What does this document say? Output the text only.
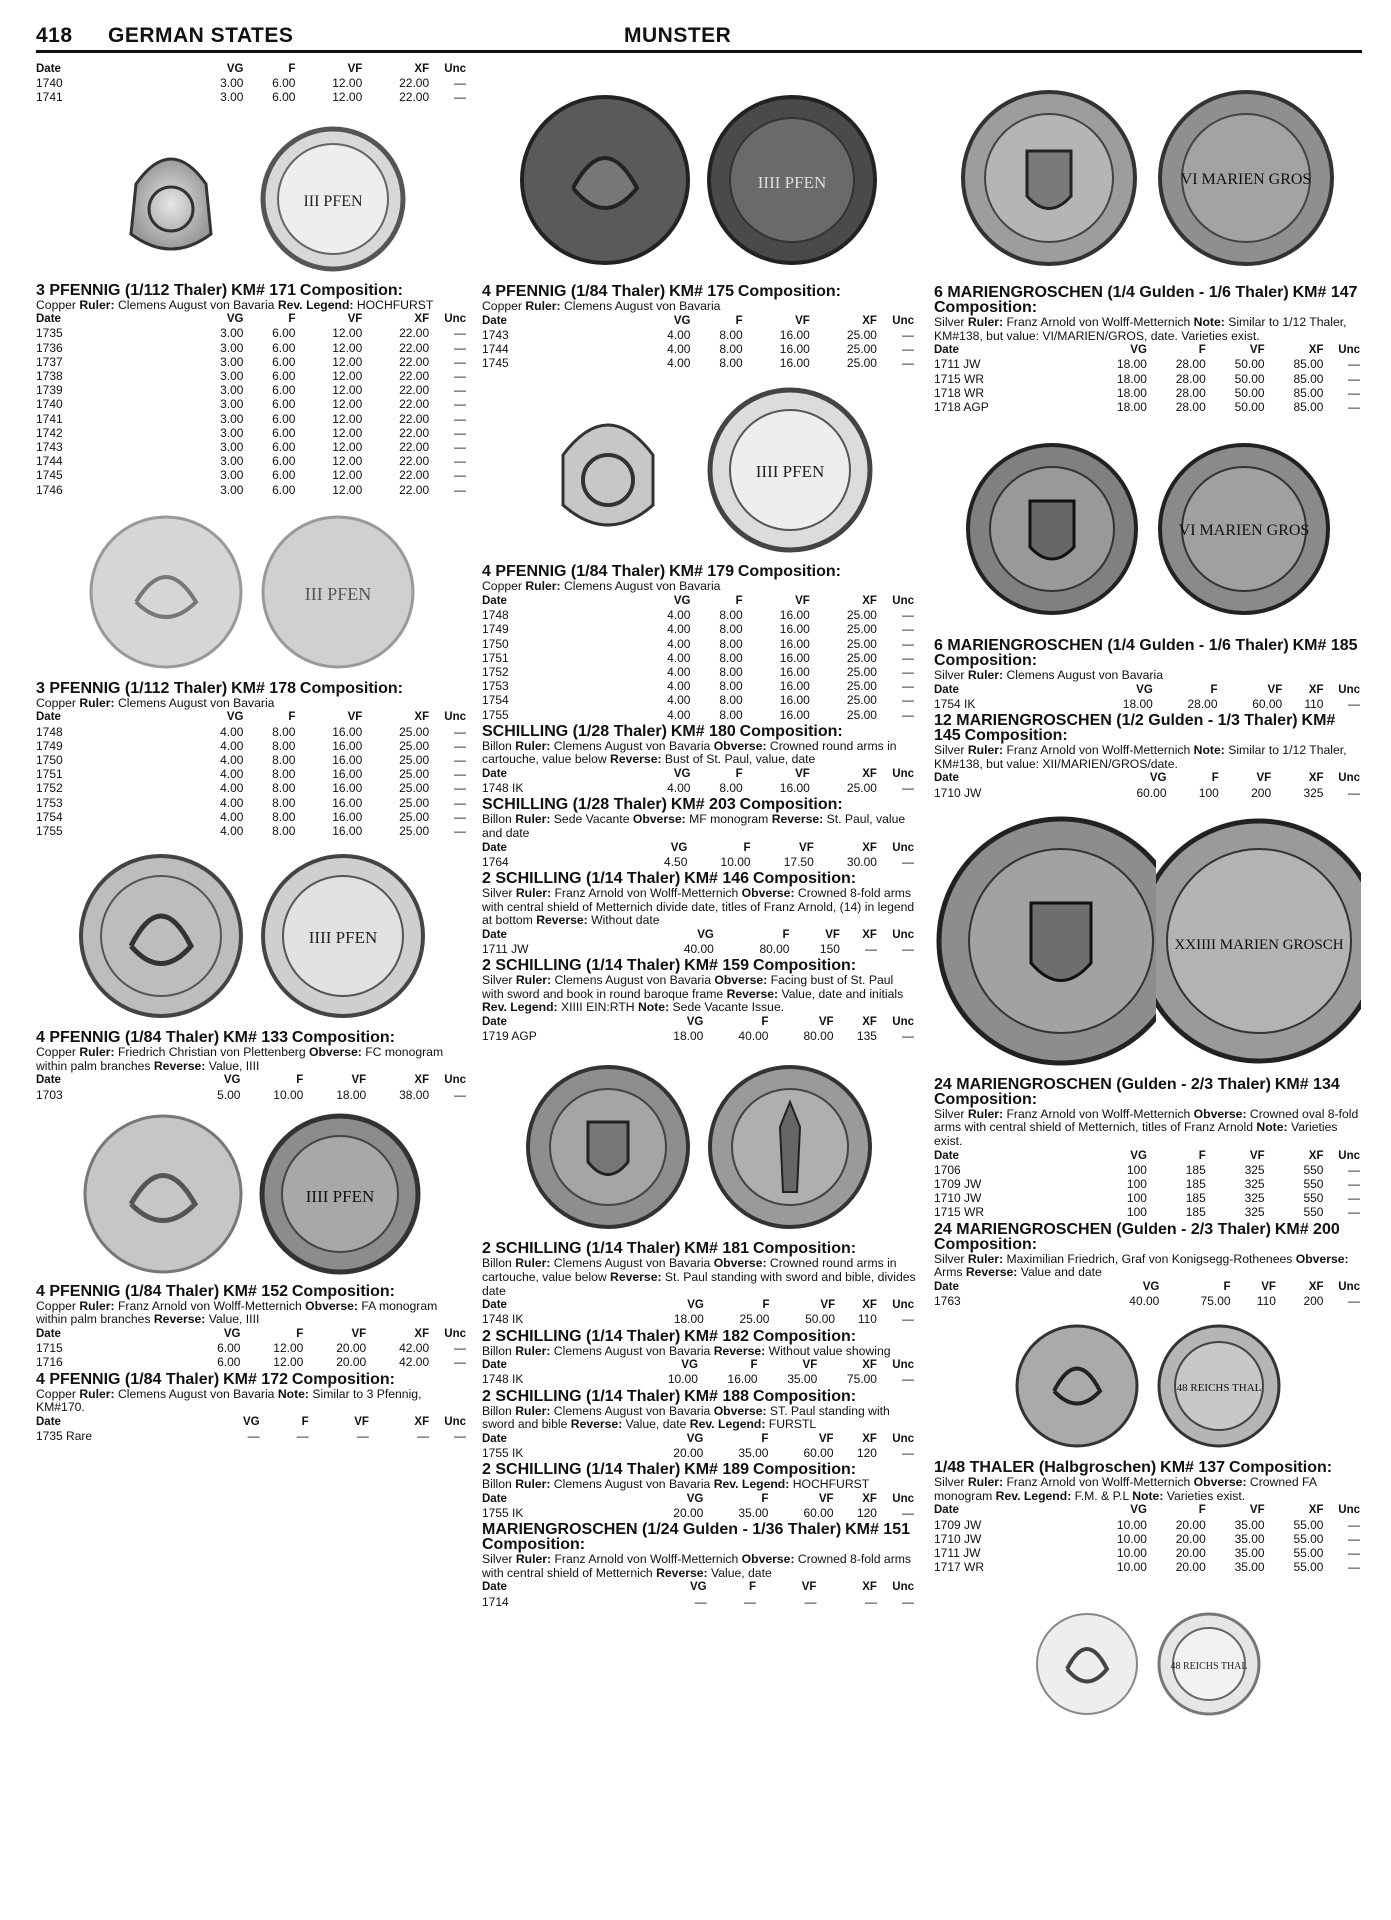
418 GERMAN STATES	MUNSTER
Date	VG	F	VF	XF	Unc
1740	3.00	6.00	12.00	22.00	—
1741	3.00	6.00	12.00	22.00	—
III PFEN
3 PFENNIG (1/112 Thaler) KM# 171 Composition:
Copper Ruler: Clemens August von Bavaria Rev. Legend: HOCHFURST
Date	VG	F	VF	XF	Unc
1735	3.00	6.00	12.00	22.00	—
1736	3.00	6.00	12.00	22.00	—
1737	3.00	6.00	12.00	22.00	—
1738	3.00	6.00	12.00	22.00	—
1739	3.00	6.00	12.00	22.00	—
1740	3.00	6.00	12.00	22.00	—
1741	3.00	6.00	12.00	22.00	—
1742	3.00	6.00	12.00	22.00	—
1743	3.00	6.00	12.00	22.00	—
1744	3.00	6.00	12.00	22.00	—
1745	3.00	6.00	12.00	22.00	—
1746	3.00	6.00	12.00	22.00	—
III PFEN
3 PFENNIG (1/112 Thaler) KM# 178 Composition:
Copper Ruler: Clemens August von Bavaria
Date	VG	F	VF	XF	Unc
1748	4.00	8.00	16.00	25.00	—
1749	4.00	8.00	16.00	25.00	—
1750	4.00	8.00	16.00	25.00	—
1751	4.00	8.00	16.00	25.00	—
1752	4.00	8.00	16.00	25.00	—
1753	4.00	8.00	16.00	25.00	—
1754	4.00	8.00	16.00	25.00	—
1755	4.00	8.00	16.00	25.00	—
IIII PFEN
4 PFENNIG (1/84 Thaler) KM# 133 Composition:
Copper Ruler: Friedrich Christian von Plettenberg Obverse: FC monogram within palm branches Reverse: Value, IIII
Date	VG	F	VF	XF	Unc
1703	5.00	10.00	18.00	38.00	—
IIII PFEN
4 PFENNIG (1/84 Thaler) KM# 152 Composition:
Copper Ruler: Franz Arnold von Wolff-Metternich Obverse: FA monogram within palm branches Reverse: Value, IIII
Date	VG	F	VF	XF	Unc
1715	6.00	12.00	20.00	42.00	—
1716	6.00	12.00	20.00	42.00	—
4 PFENNIG (1/84 Thaler) KM# 172 Composition:
Copper Ruler: Clemens August von Bavaria Note: Similar to 3 Pfennig, KM#170.
Date	VG	F	VF	XF	Unc
1735 Rare	—	—	—	—	—
IIII PFEN
4 PFENNIG (1/84 Thaler) KM# 175 Composition:
Copper Ruler: Clemens August von Bavaria
Date	VG	F	VF	XF	Unc
1743	4.00	8.00	16.00	25.00	—
1744	4.00	8.00	16.00	25.00	—
1745	4.00	8.00	16.00	25.00	—
IIII PFEN
4 PFENNIG (1/84 Thaler) KM# 179 Composition:
Copper Ruler: Clemens August von Bavaria
Date	VG	F	VF	XF	Unc
1748	4.00	8.00	16.00	25.00	—
1749	4.00	8.00	16.00	25.00	—
1750	4.00	8.00	16.00	25.00	—
1751	4.00	8.00	16.00	25.00	—
1752	4.00	8.00	16.00	25.00	—
1753	4.00	8.00	16.00	25.00	—
1754	4.00	8.00	16.00	25.00	—
1755	4.00	8.00	16.00	25.00	—
SCHILLING (1/28 Thaler) KM# 180 Composition:
Billon Ruler: Clemens August von Bavaria Obverse: Crowned round arms in cartouche, value below Reverse: Bust of St. Paul, value, date
Date	VG	F	VF	XF	Unc
1748 IK	4.00	8.00	16.00	25.00	—
SCHILLING (1/28 Thaler) KM# 203 Composition:
Billon Ruler: Sede Vacante Obverse: MF monogram Reverse: St. Paul, value and date
Date	VG	F	VF	XF	Unc
1764	4.50	10.00	17.50	30.00	—
2 SCHILLING (1/14 Thaler) KM# 146 Composition:
Silver Ruler: Franz Arnold von Wolff-Metternich Obverse: Crowned 8-fold arms with central shield of Metternich divide date, titles of Franz Arnold, (14) in legend at bottom Reverse: Without date
Date	VG	F	VF	XF	Unc
1711 JW	40.00	80.00	150	—	—
2 SCHILLING (1/14 Thaler) KM# 159 Composition:
Silver Ruler: Clemens August von Bavaria Obverse: Facing bust of St. Paul with sword and book in round baroque frame Reverse: Value, date and initials Rev. Legend: XIIII EIN:RTH Note: Sede Vacante Issue.
Date	VG	F	VF	XF	Unc
1719 AGP	18.00	40.00	80.00	135	—
2 SCHILLING (1/14 Thaler) KM# 181 Composition:
Billon Ruler: Clemens August von Bavaria Obverse: Crowned round arms in cartouche, value below Reverse: St. Paul standing with sword and bible, divides date
Date	VG	F	VF	XF	Unc
1748 IK	18.00	25.00	50.00	110	—
2 SCHILLING (1/14 Thaler) KM# 182 Composition:
Billon Ruler: Clemens August von Bavaria Reverse: Without value showing
Date	VG	F	VF	XF	Unc
1748 IK	10.00	16.00	35.00	75.00	—
2 SCHILLING (1/14 Thaler) KM# 188 Composition:
Billon Ruler: Clemens August von Bavaria Obverse: ST. Paul standing with sword and bible Reverse: Value, date Rev. Legend: FURSTL
Date	VG	F	VF	XF	Unc
1755 IK	20.00	35.00	60.00	120	—
2 SCHILLING (1/14 Thaler) KM# 189 Composition:
Billon Ruler: Clemens August von Bavaria Rev. Legend: HOCHFURST
Date	VG	F	VF	XF	Unc
1755 IK	20.00	35.00	60.00	120	—
MARIENGROSCHEN (1/24 Gulden - 1/36 Thaler) KM# 151 Composition:
Silver Ruler: Franz Arnold von Wolff-Metternich Obverse: Crowned 8-fold arms with central shield of Metternich Reverse: Value, date
Date	VG	F	VF	XF	Unc
1714	—	—	—	—	—
VI MARIEN GROS
6 MARIENGROSCHEN (1/4 Gulden - 1/6 Thaler) KM# 147 Composition:
Silver Ruler: Franz Arnold von Wolff-Metternich Note: Similar to 1/12 Thaler, KM#138, but value: VI/MARIEN/GROS, date. Varieties exist.
Date	VG	F	VF	XF	Unc
1711 JW	18.00	28.00	50.00	85.00	—
1715 WR	18.00	28.00	50.00	85.00	—
1718 WR	18.00	28.00	50.00	85.00	—
1718 AGP	18.00	28.00	50.00	85.00	—
VI MARIEN GROS
6 MARIENGROSCHEN (1/4 Gulden - 1/6 Thaler) KM# 185 Composition:
Silver Ruler: Clemens August von Bavaria
Date	VG	F	VF	XF	Unc
1754 IK	18.00	28.00	60.00	110	—
12 MARIENGROSCHEN (1/2 Gulden - 1/3 Thaler) KM# 145 Composition:
Silver Ruler: Franz Arnold von Wolff-Metternich Note: Similar to 1/12 Thaler, KM#138, but value: XII/MARIEN/GROS/date.
Date	VG	F	VF	XF	Unc
1710 JW	60.00	100	200	325	—
XXIIII MARIEN GROSCH
24 MARIENGROSCHEN (Gulden - 2/3 Thaler) KM# 134 Composition:
Silver Ruler: Franz Arnold von Wolff-Metternich Obverse: Crowned oval 8-fold arms with central shield of Metternich, titles of Franz Arnold Note: Varieties exist.
Date	VG	F	VF	XF	Unc
1706	100	185	325	550	—
1709 JW	100	185	325	550	—
1710 JW	100	185	325	550	—
1715 WR	100	185	325	550	—
24 MARIENGROSCHEN (Gulden - 2/3 Thaler) KM# 200 Composition:
Silver Ruler: Maximilian Friedrich, Graf von Konigsegg-Rothenees Obverse: Arms Reverse: Value and date
Date	VG	F	VF	XF	Unc
1763	40.00	75.00	110	200	—
48 REICHS THAL
1/48 THALER (Halbgroschen) KM# 137 Composition:
Silver Ruler: Franz Arnold von Wolff-Metternich Obverse: Crowned FA monogram Rev. Legend: F.M. & P.L Note: Varieties exist.
Date	VG	F	VF	XF	Unc
1709 JW	10.00	20.00	35.00	55.00	—
1710 JW	10.00	20.00	35.00	55.00	—
1711 JW	10.00	20.00	35.00	55.00	—
1717 WR	10.00	20.00	35.00	55.00	—
48 REICHS THAL
